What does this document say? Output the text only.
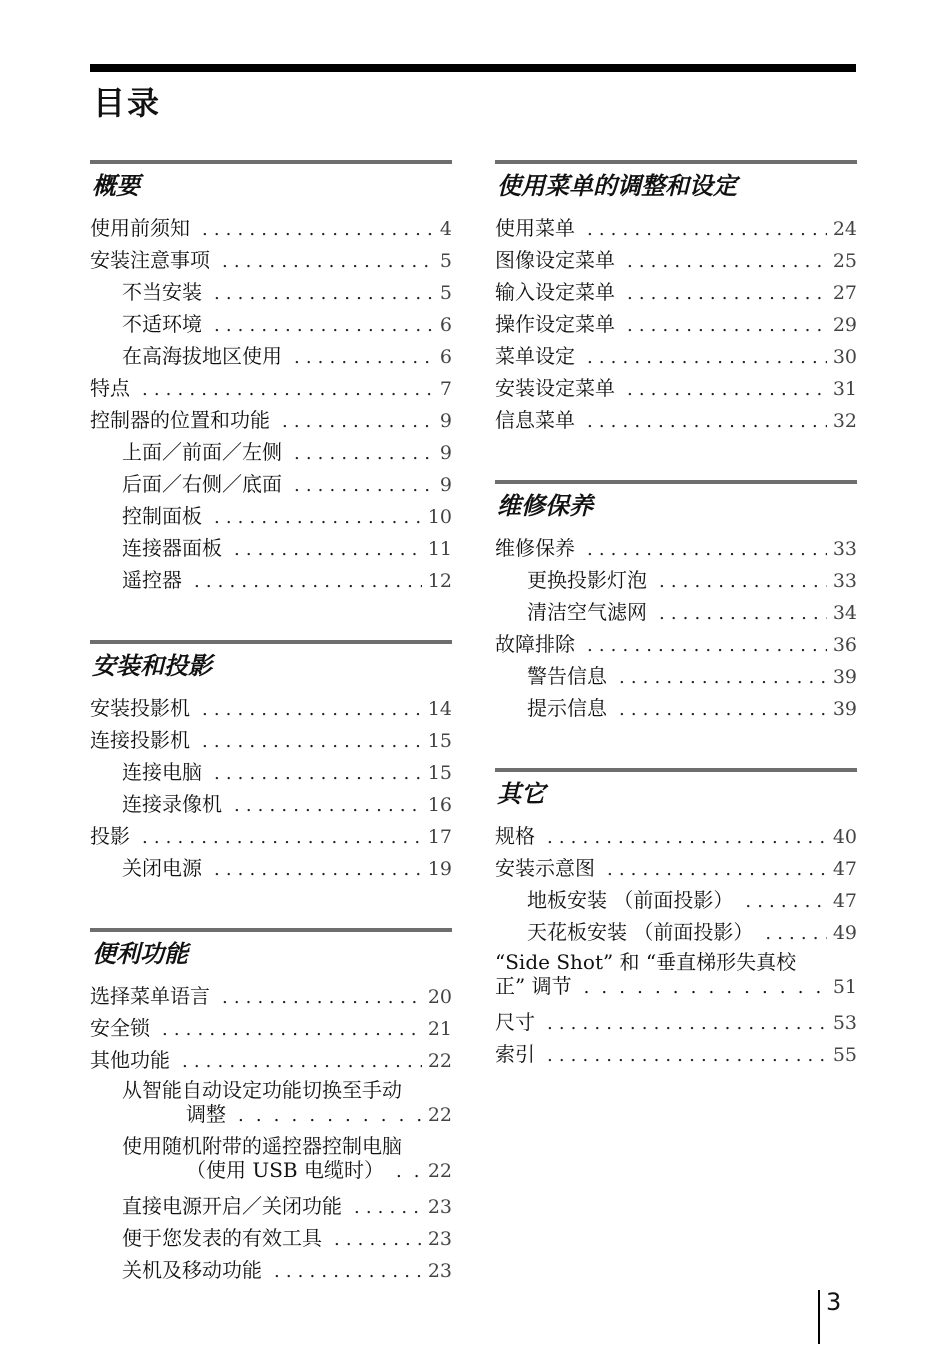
目录
概要
使用前须知 . . .	4
安装注意事项 . . .	5
不当安装 . . .	5
不适环境 . . .	6
在高海拔地区使用 . . .	6
特点 . . .	7
控制器的位置和功能 . . .	9
上面／前面／左侧 . . .	9
后面／右侧／底面 . . .	9
控制面板 . . .	10
连接器面板 . . .	11
遥控器 . . .	12
安装和投影
安装投影机 . . .	14
连接投影机 . . .	15
连接电脑 . . .	15
连接录像机 . . .	16
投影 . . .	17
关闭电源 . . .	19
便利功能
选择菜单语言 . . .	20
安全锁 . . .	21
其他功能 . . .	22
从智能自动设定功能切换至手动
调整 . . .	22
使用随机附带的遥控器控制电脑
（使用 USB 电缆时） . . . 22
直接电源开启／关闭功能 . . .	23
便于您发表的有效工具 . . .	23
关机及移动功能 . . .	23
使用菜单的调整和设定
使用菜单 . . .	24
图像设定菜单 . . .	25
输入设定菜单 . . .	27
操作设定菜单 . . .	29
菜单设定 . . .	30
安装设定菜单 . . .	31
信息菜单 . . .	32
维修保养
维修保养 . . .	33
更换投影灯泡 . . .	33
清洁空气滤网 . . .	34
故障排除 . . .	36
警告信息 . . .	39
提示信息 . . .	39
其它
规格 . . .	40
安装示意图 . . .	47
地板安装 （前面投影） . . .	47
天花板安装 （前面投影） . . .	49
“Side Shot” 和 “垂直梯形失真校
正” 调节 . . .	51
尺寸 . . .	53
索引 . . .	55
3
